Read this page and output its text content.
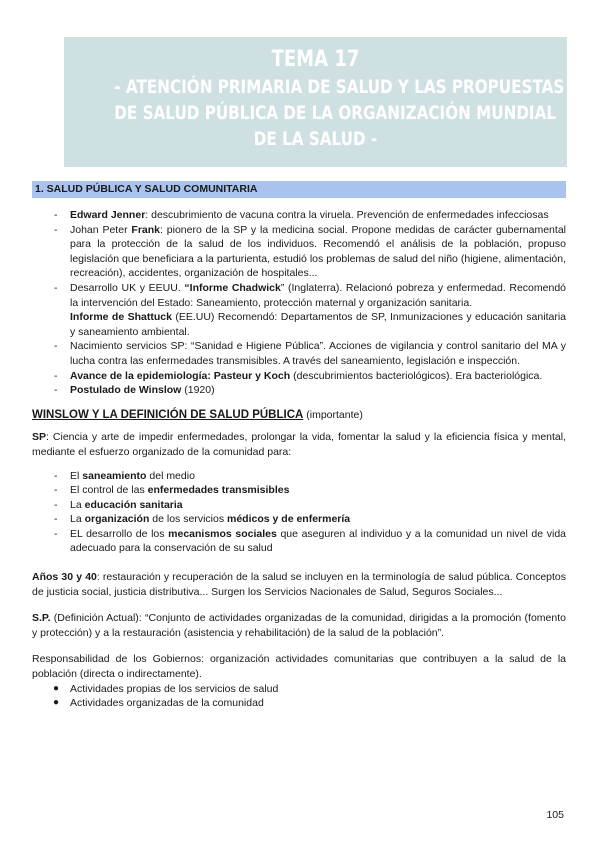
TEMA 17
- ATENCIÓN PRIMARIA DE SALUD Y LAS PROPUESTAS
DE SALUD PÚBLICA DE LA ORGANIZACIÓN MUNDIAL
DE LA SALUD -
1. SALUD PÚBLICA Y SALUD COMUNITARIA
- Edward Jenner: descubrimiento de vacuna contra la viruela. Prevención de enfermedades infecciosas
- Johan Peter Frank: pionero de la SP y la medicina social. Propone medidas de carácter gubernamental para la protección de la salud de los individuos. Recomendó el análisis de la población, propuso legislación que beneficiara a la parturienta, estudió los problemas de salud del niño (higiene, alimentación, recreación), accidentes, organización de hospitales...
- Desarrollo UK y EEUU. “Informe Chadwick” (Inglaterra). Relacionó pobreza y enfermedad. Recomendó la intervención del Estado: Saneamiento, protección maternal y organización sanitaria.
Informe de Shattuck (EE.UU) Recomendó: Departamentos de SP, Inmunizaciones y educación sanitaria y saneamiento ambiental.
- Nacimiento servicios SP: “Sanidad e Higiene Pública”. Acciones de vigilancia y control sanitario del MA y lucha contra las enfermedades transmisibles. A través del saneamiento, legislación e inspección.
- Avance de la epidemiología: Pasteur y Koch (descubrimientos bacteriológicos). Era bacteriológica.
- Postulado de Winslow (1920)
WINSLOW Y LA DEFINICIÓN DE SALUD PÚBLICA (importante)
SP: Ciencia y arte de impedir enfermedades, prolongar la vida, fomentar la salud y la eficiencia física y mental, mediante el esfuerzo organizado de la comunidad para:
- El saneamiento del medio
- El control de las enfermedades transmisibles
- La educación sanitaria
- La organización de los servicios médicos y de enfermería
- EL desarrollo de los mecanismos sociales que aseguren al individuo y a la comunidad un nivel de vida adecuado para la conservación de su salud
Años 30 y 40: restauración y recuperación de la salud se incluyen en la terminología de salud pública. Conceptos de justicia social, justicia distributiva... Surgen los Servicios Nacionales de Salud, Seguros Sociales...
S.P. (Definición Actual): “Conjunto de actividades organizadas de la comunidad, dirigidas a la promoción (fomento y protección) y a la restauración (asistencia y rehabilitación) de la salud de la población”.
Responsabilidad de los Gobiernos: organización actividades comunitarias que contribuyen a la salud de la población (directa o indirectamente).
● Actividades propias de los servicios de salud
● Actividades organizadas de la comunidad
105
